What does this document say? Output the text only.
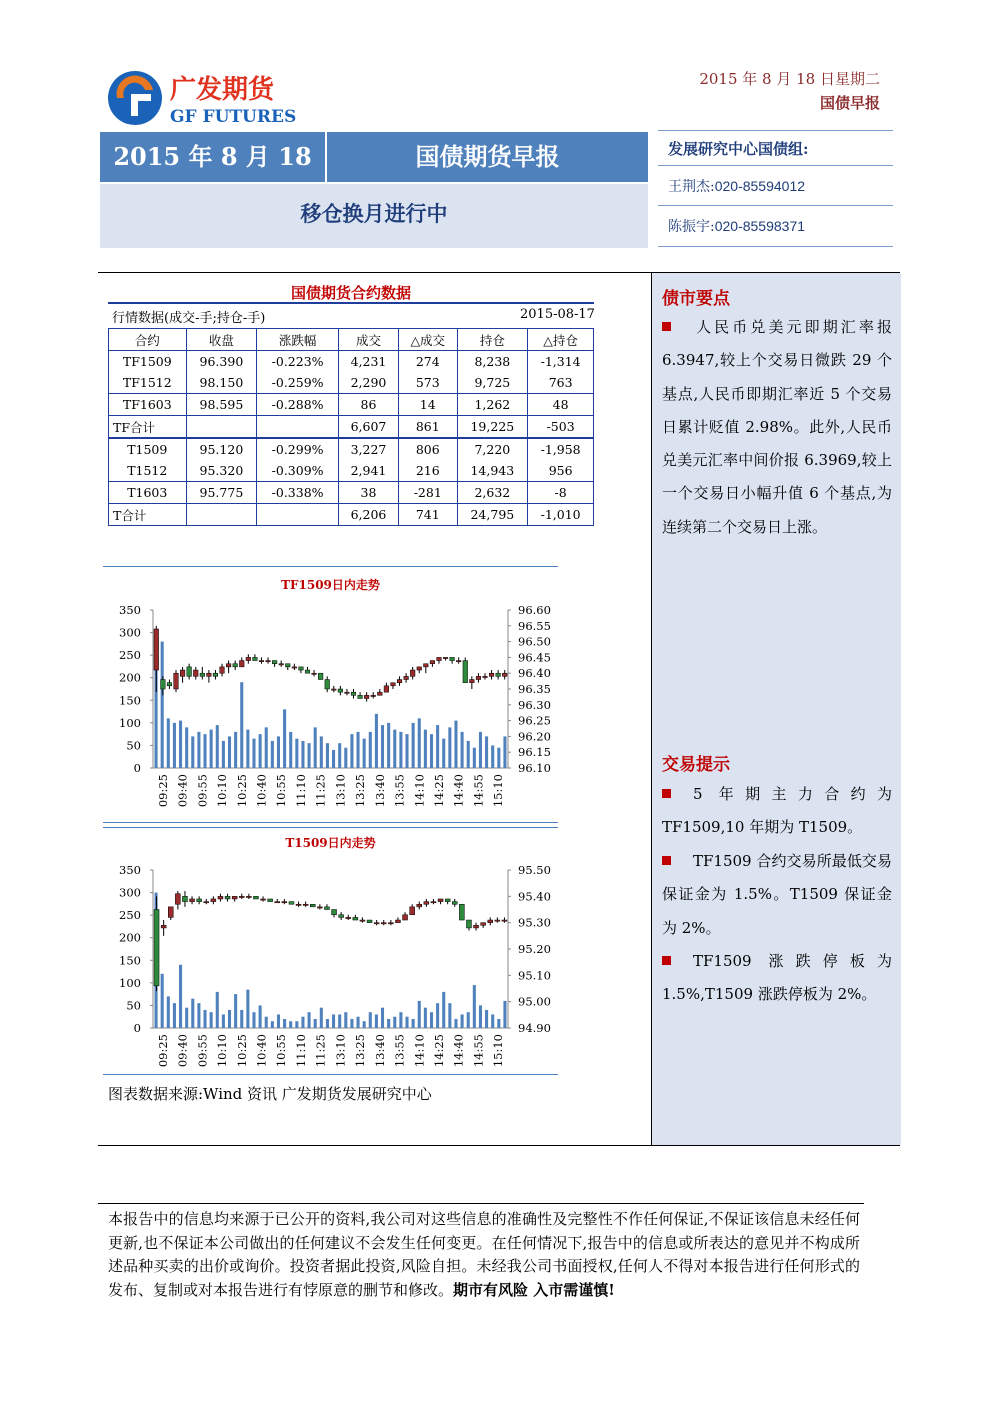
广发期货
GF FUTURES
2015 年 8 月 18 日星期二
国债早报
2015 年 8 月 18	国债期货早报
移仓换月进行中
发展研究中心国债组:
王荆杰:020-85594012
陈振宇:020-85598371
债市要点
人民币兑美元即期汇率报 6.3947,较上个交易日微跌 29 个基点,人民币即期汇率近 5 个交易日累计贬值 2.98%。此外,人民币兑美元汇率中间价报 6.3969,较上一个交易日小幅升值 6 个基点,为连续第二个交易日上涨。
交易提示
5 年期主力合约为 TF1509,10 年期为 T1509。
TF1509 合约交易所最低交易保证金为 1.5%。T1509 保证金为 2%。
TF1509 涨跌停板为 1.5%,T1509 涨跌停板为 2%。
国债期货合约数据
行情数据(成交-手;持仓-手)	2015-08-17
合约	收盘	涨跌幅	成交	△成交	持仓	△持仓
TF1509	96.390	-0.223%	4,231	274	8,238	-1,314
TF1512	98.150	-0.259%	2,290	573	9,725	763
TF1603	98.595	-0.288%	86	14	1,262	48
TF合计			6,607	861	19,225	-503
T1509	95.120	-0.299%	3,227	806	7,220	-1,958
T1512	95.320	-0.309%	2,941	216	14,943	956
T1603	95.775	-0.338%	38	-281	2,632	-8
T合计			6,206	741	24,795	-1,010
TF1509日内走势
0
50
100
150
200
250
300
350
96.10
96.15
96.20
96.25
96.30
96.35
96.40
96.45
96.50
96.55
96.60
09:25 09:40 09:55 10:10 10:25 10:40 10:55 11:10 11:25 13:10 13:25 13:40 13:55 14:10 14:25 14:40 14:55 15:10
T1509日内走势
0
50
100
150
200
250
300
350
94.90
95.00
95.10
95.20
95.30
95.40
95.50
09:25 09:40 09:55 10:10 10:25 10:40 10:55 11:10 11:25 13:10 13:25 13:40 13:55 14:10 14:25 14:40 14:55 15:10
图表数据来源:Wind 资讯 广发期货发展研究中心
本报告中的信息均来源于已公开的资料,我公司对这些信息的准确性及完整性不作任何保证,不保证该信息未经任何更新,也不保证本公司做出的任何建议不会发生任何变更。在任何情况下,报告中的信息或所表达的意见并不构成所述品种买卖的出价或询价。投资者据此投资,风险自担。未经我公司书面授权,任何人不得对本报告进行任何形式的发布、复制或对本报告进行有悖原意的删节和修改。期市有风险 入市需谨慎!
